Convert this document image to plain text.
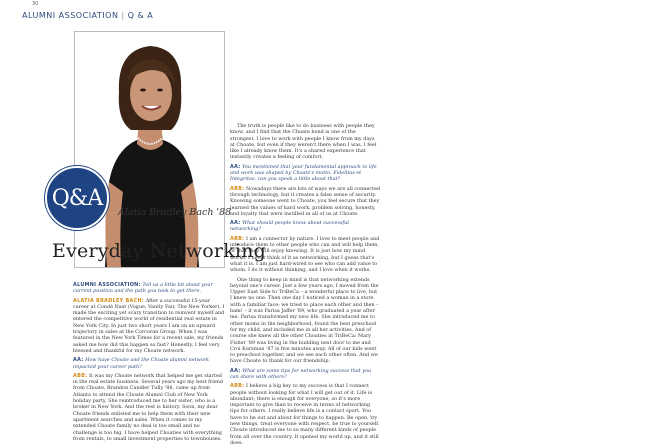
30
ALUMNI ASSOCIATION | Q & A
Q&A
Alatia Bradley Bach '88
Everyday Networking

ALUMNI ASSOCIATION: Tell us a little bit about your current position and the path you took to get there.

ALATIA BRADLEY BACH: After a successful 15-year career at Condé Nast (Vogue, Vanity Fair, The New Yorker), I made the exciting yet scary transition to reinvent myself and entered the competitive world of residential real estate in New York City. In just two short years I am on an upward trajectory in sales at the Corcoran Group. When I was featured in the New York Times for a recent sale, my friends asked me how did this happen so fast? Honestly, I feel very blessed and thankful for my Choate network.

AA: How have Choate and the Choate alumni network impacted your career path?

ABB: It was my Choate network that helped me get started in the real estate business. Several years ago my best friend from Choate, Brandon Candler Tully '88, came up from Atlanta to attend the Choate Alumni Club of New York holiday party. She reintroduced me to her sister, who is a broker in New York. And the rest is history. Soon, my dear Choate friends enlisted me to help them with their new apartment searches and sales. When it comes to my extended Choate family no deal is too small and no challenge is too big. I have helped Choaties with everything from rentals, to small investment properties to townhouses.

The truth is people like to do business with people they know, and I find that the Choate bond is one of the strongest. I love to work with people I know from my days at Choate, but even if they weren't there when I was, I feel like I already know them. It's a shared experience that instantly creates a feeling of comfort.

AA: You mentioned that your fundamental approach to life and work was shaped by Choate's motto, Fidelitas et Integritas; can you speak a little about that?

ABB: Nowadays there are lots of ways we are all connected through technology, but it creates a false sense of security. Knowing someone went to Choate, you feel secure that they learned the values of hard work, problem solving, honesty, and loyalty that were instilled in all of us at Choate.

AA: What should people know about successful networking?

ABB: I am a connector by nature. I love to meet people and introduce them to other people who can and will help them, or that they will enjoy knowing. It is just how my mind works. I never think of it as networking, but I guess that's what it is. I am just hard-wired to see who can add value to whom. I do it without thinking, and I love when it works.

One thing to keep in mind is that networking extends beyond one's career. Just a few years ago, I moved from the Upper East Side to TriBeCa – a wonderful place to live, but I knew no one. Then one day I noticed a woman in a store with a familiar face; we tried to place each other and then – bam! – it was Parisa Jaffer '89, who graduated a year after me. Parisa transformed my new life. She introduced me to other moms in the neighborhood, found the best preschool for my child, and included me in all her activities. And of course she knew all the other Choaties in TriBeCa: Mary Fisher '89 was living in the building next door to me and Croi Kurzman '87 is five minutes away. All of our kids went to preschool together, and we see each other often. And we have Choate to thank for our friendship.

AA: What are some tips for networking success that you can share with others?

ABB: I believe a big key to my success is that I connect people without looking for what I will get out of it. Life is abundant; there is enough for everyone, so it's more important to give than to receive in terms of networking tips for others. I really believe life is a contact sport. You have to be out and about for things to happen. Be open, try new things, treat everyone with respect, be true to yourself. Choate introduced me to so many different kinds of people from all over the country. It opened my world up, and it still does.
